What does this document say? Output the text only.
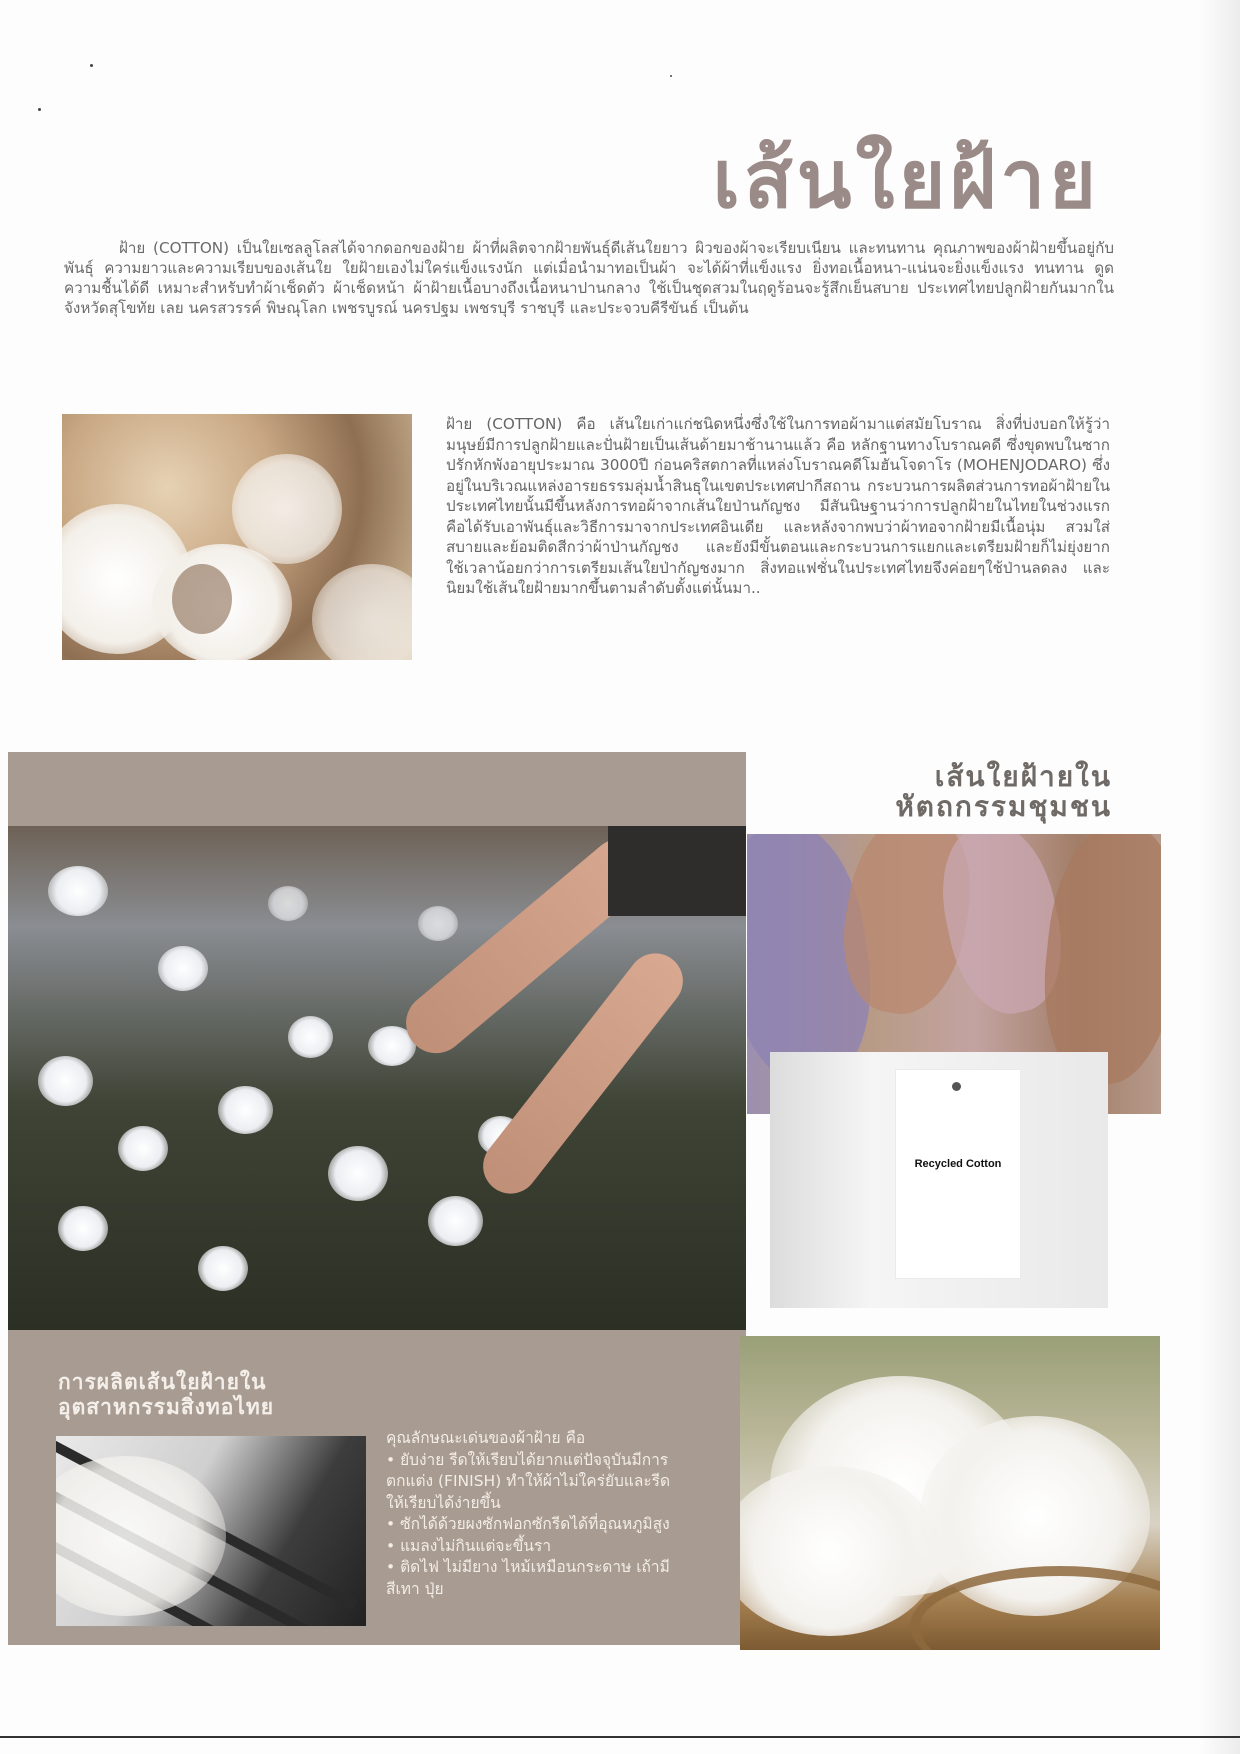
เส้นใยฝ้าย
ฝ้าย (COTTON) เป็นใยเซลลูโลสได้จากดอกของฝ้าย ผ้าที่ผลิตจากฝ้ายพันธุ์ดีเส้นใยยาว ผิวของผ้าจะเรียบเนียน และทนทาน คุณภาพของผ้าฝ้ายขึ้นอยู่กับพันธุ์ ความยาวและความเรียบของเส้นใย ใยฝ้ายเองไม่ใคร่แข็งแรงนัก แต่เมื่อนำมาทอเป็นผ้า จะได้ผ้าที่แข็งแรง ยิ่งทอเนื้อหนา-แน่นจะยิ่งแข็งแรง ทนทาน ดูดความชื้นได้ดี เหมาะสำหรับทำผ้าเช็ดตัว ผ้าเช็ดหน้า ผ้าฝ้ายเนื้อบางถึงเนื้อหนาปานกลาง ใช้เป็นชุดสวมในฤดูร้อนจะรู้สึกเย็นสบาย ประเทศไทยปลูกฝ้ายกันมากในจังหวัดสุโขทัย เลย นครสวรรค์ พิษณุโลก เพชรบูรณ์ นครปฐม เพชรบุรี ราชบุรี และประจวบคีรีขันธ์ เป็นต้น
ฝ้าย (COTTON) คือ เส้นใยเก่าแก่ชนิดหนึ่งซึ่งใช้ในการทอผ้ามาแต่สมัยโบราณ สิ่งที่บ่งบอกให้รู้ว่ามนุษย์มีการปลูกฝ้ายและปั่นฝ้ายเป็นเส้นด้ายมาช้านานแล้ว คือ หลักฐานทางโบราณคดี ซึ่งขุดพบในซากปรักหักพังอายุประมาณ 3000ปี ก่อนคริสตกาลที่แหล่งโบราณคดีโมฮันโจดาโร (MOHENJODARO) ซึ่งอยู่ในบริเวณแหล่งอารยธรรมลุ่มน้ำสินธุในเขตประเทศปากีสถาน กระบวนการผลิตส่วนการทอผ้าฝ้ายในประเทศไทยนั้นมีขึ้นหลังการทอผ้าจากเส้นใยป่านกัญชง มีสันนิษฐานว่าการปลูกฝ้ายในไทยในช่วงแรกคือได้รับเอาพันธุ์และวิธีการมาจากประเทศอินเดีย และหลังจากพบว่าผ้าทอจากฝ้ายมีเนื้อนุ่ม สวมใส่สบายและย้อมติดสีกว่าผ้าป่านกัญชง และยังมีขั้นตอนและกระบวนการแยกและเตรียมฝ้ายก็ไม่ยุ่งยาก ใช้เวลาน้อยกว่าการเตรียมเส้นใยป่ากัญชงมาก สิ่งทอแฟชั่นในประเทศไทยจึงค่อยๆใช้ป่านลดลง และนิยมใช้เส้นใยฝ้ายมากขึ้นตามลำดับตั้งแต่นั้นมา..
การผลิตเส้นใยฝ้ายใน อุตสาหกรรมสิ่งทอไทย
คุณลักษณะเด่นของผ้าฝ้าย คือ
• ยับง่าย รีดให้เรียบได้ยากแต่ปัจจุบันมีการตกแต่ง (FINISH) ทำให้ผ้าไม่ใคร่ยับและรีดให้เรียบได้ง่ายขึ้น
• ซักได้ด้วยผงซักฟอกซักรีดได้ที่อุณหภูมิสูง
• แมลงไม่กินแต่จะขึ้นรา
• ติดไฟ ไม่มียาง ไหม้เหมือนกระดาษ เถ้ามีสีเทา ปุ่ย
เส้นใยฝ้ายใน หัตถกรรมชุมชน
Recycled Cotton
